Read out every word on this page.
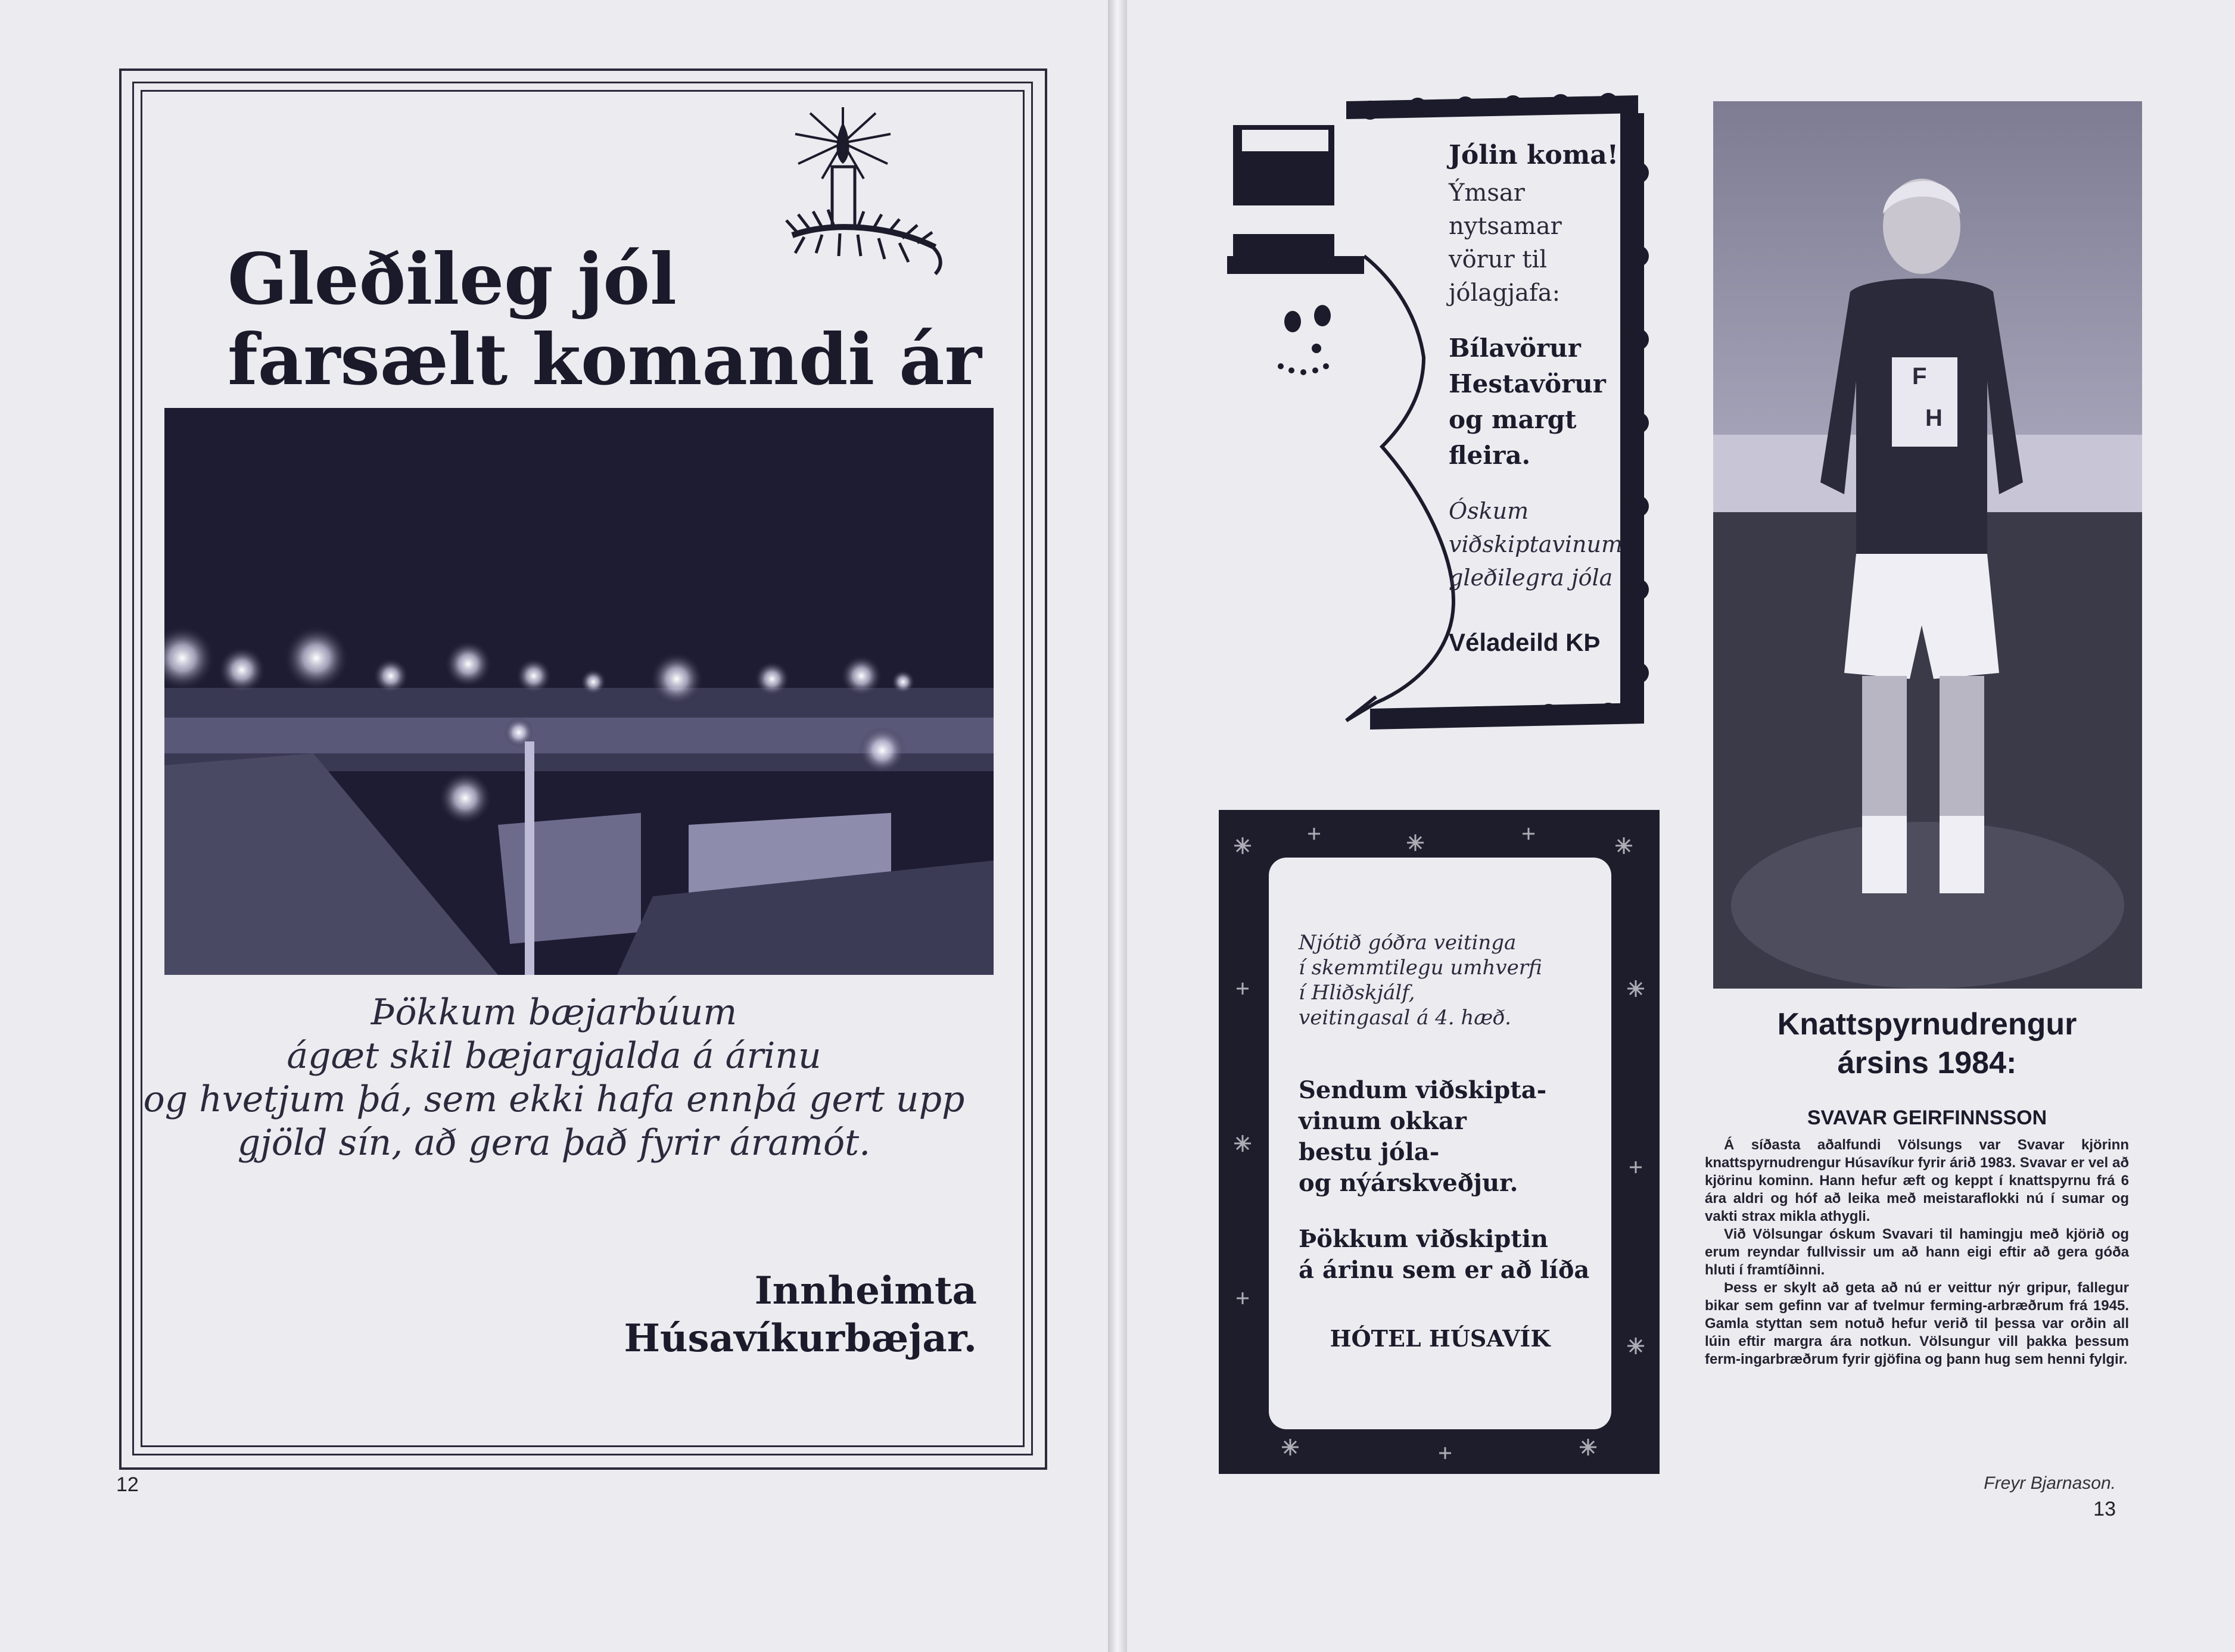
Gleðileg jól
farsælt komandi ár
Þökkum bæjarbúum
ágæt skil bæjargjalda á árinu
og hvetjum þá, sem ekki hafa ennþá gert upp
gjöld sín, að gera það fyrir áramót.
Innheimta
Húsavíkurbæjar.
12
Jólin koma!
Ýmsar
nytsamar
vörur til
jólagjafa:
Bílavörur
Hestavörur
og margt
fleira.
Óskum
viðskiptavinum
gleðilegra jóla
Véladeild KÞ
Njótið góðra veitinga
í skemmtilegu umhverfi
í Hliðskjálf,
veitingasal á 4. hæð.
Sendum viðskipta-
vinum okkar
bestu jóla-
og nýárskveðjur.
Þökkum viðskiptin
á árinu sem er að líða
HÓTEL HÚSAVÍK
F
H
Knattspyrnudrengur
ársins 1984:
SVAVAR GEIRFINNSSON
Á síðasta aðalfundi Völsungs var Svavar kjörinn knattspyrnudrengur Húsavíkur fyrir árið 1983. Svavar er vel að kjörinu kominn. Hann hefur æft og keppt í knattspyrnu frá 6 ára aldri og hóf að leika með meistaraflokki nú í sumar og vakti strax mikla athygli.
Við Völsungar óskum Svavari til hamingju með kjörið og erum reyndar fullvissir um að hann eigi eftir að gera góða hluti í framtíðinni.
Þess er skylt að geta að nú er veittur nýr gripur, fallegur bikar sem gefinn var af tvelmur ferming-arbræðrum frá 1945. Gamla styttan sem notuð hefur verið til þessa var orðin all lúin eftir margra ára notkun. Völsungur vill þakka þessum ferm-ingarbræðrum fyrir gjöfina og þann hug sem henni fylgir.
Freyr Bjarnason.
13
